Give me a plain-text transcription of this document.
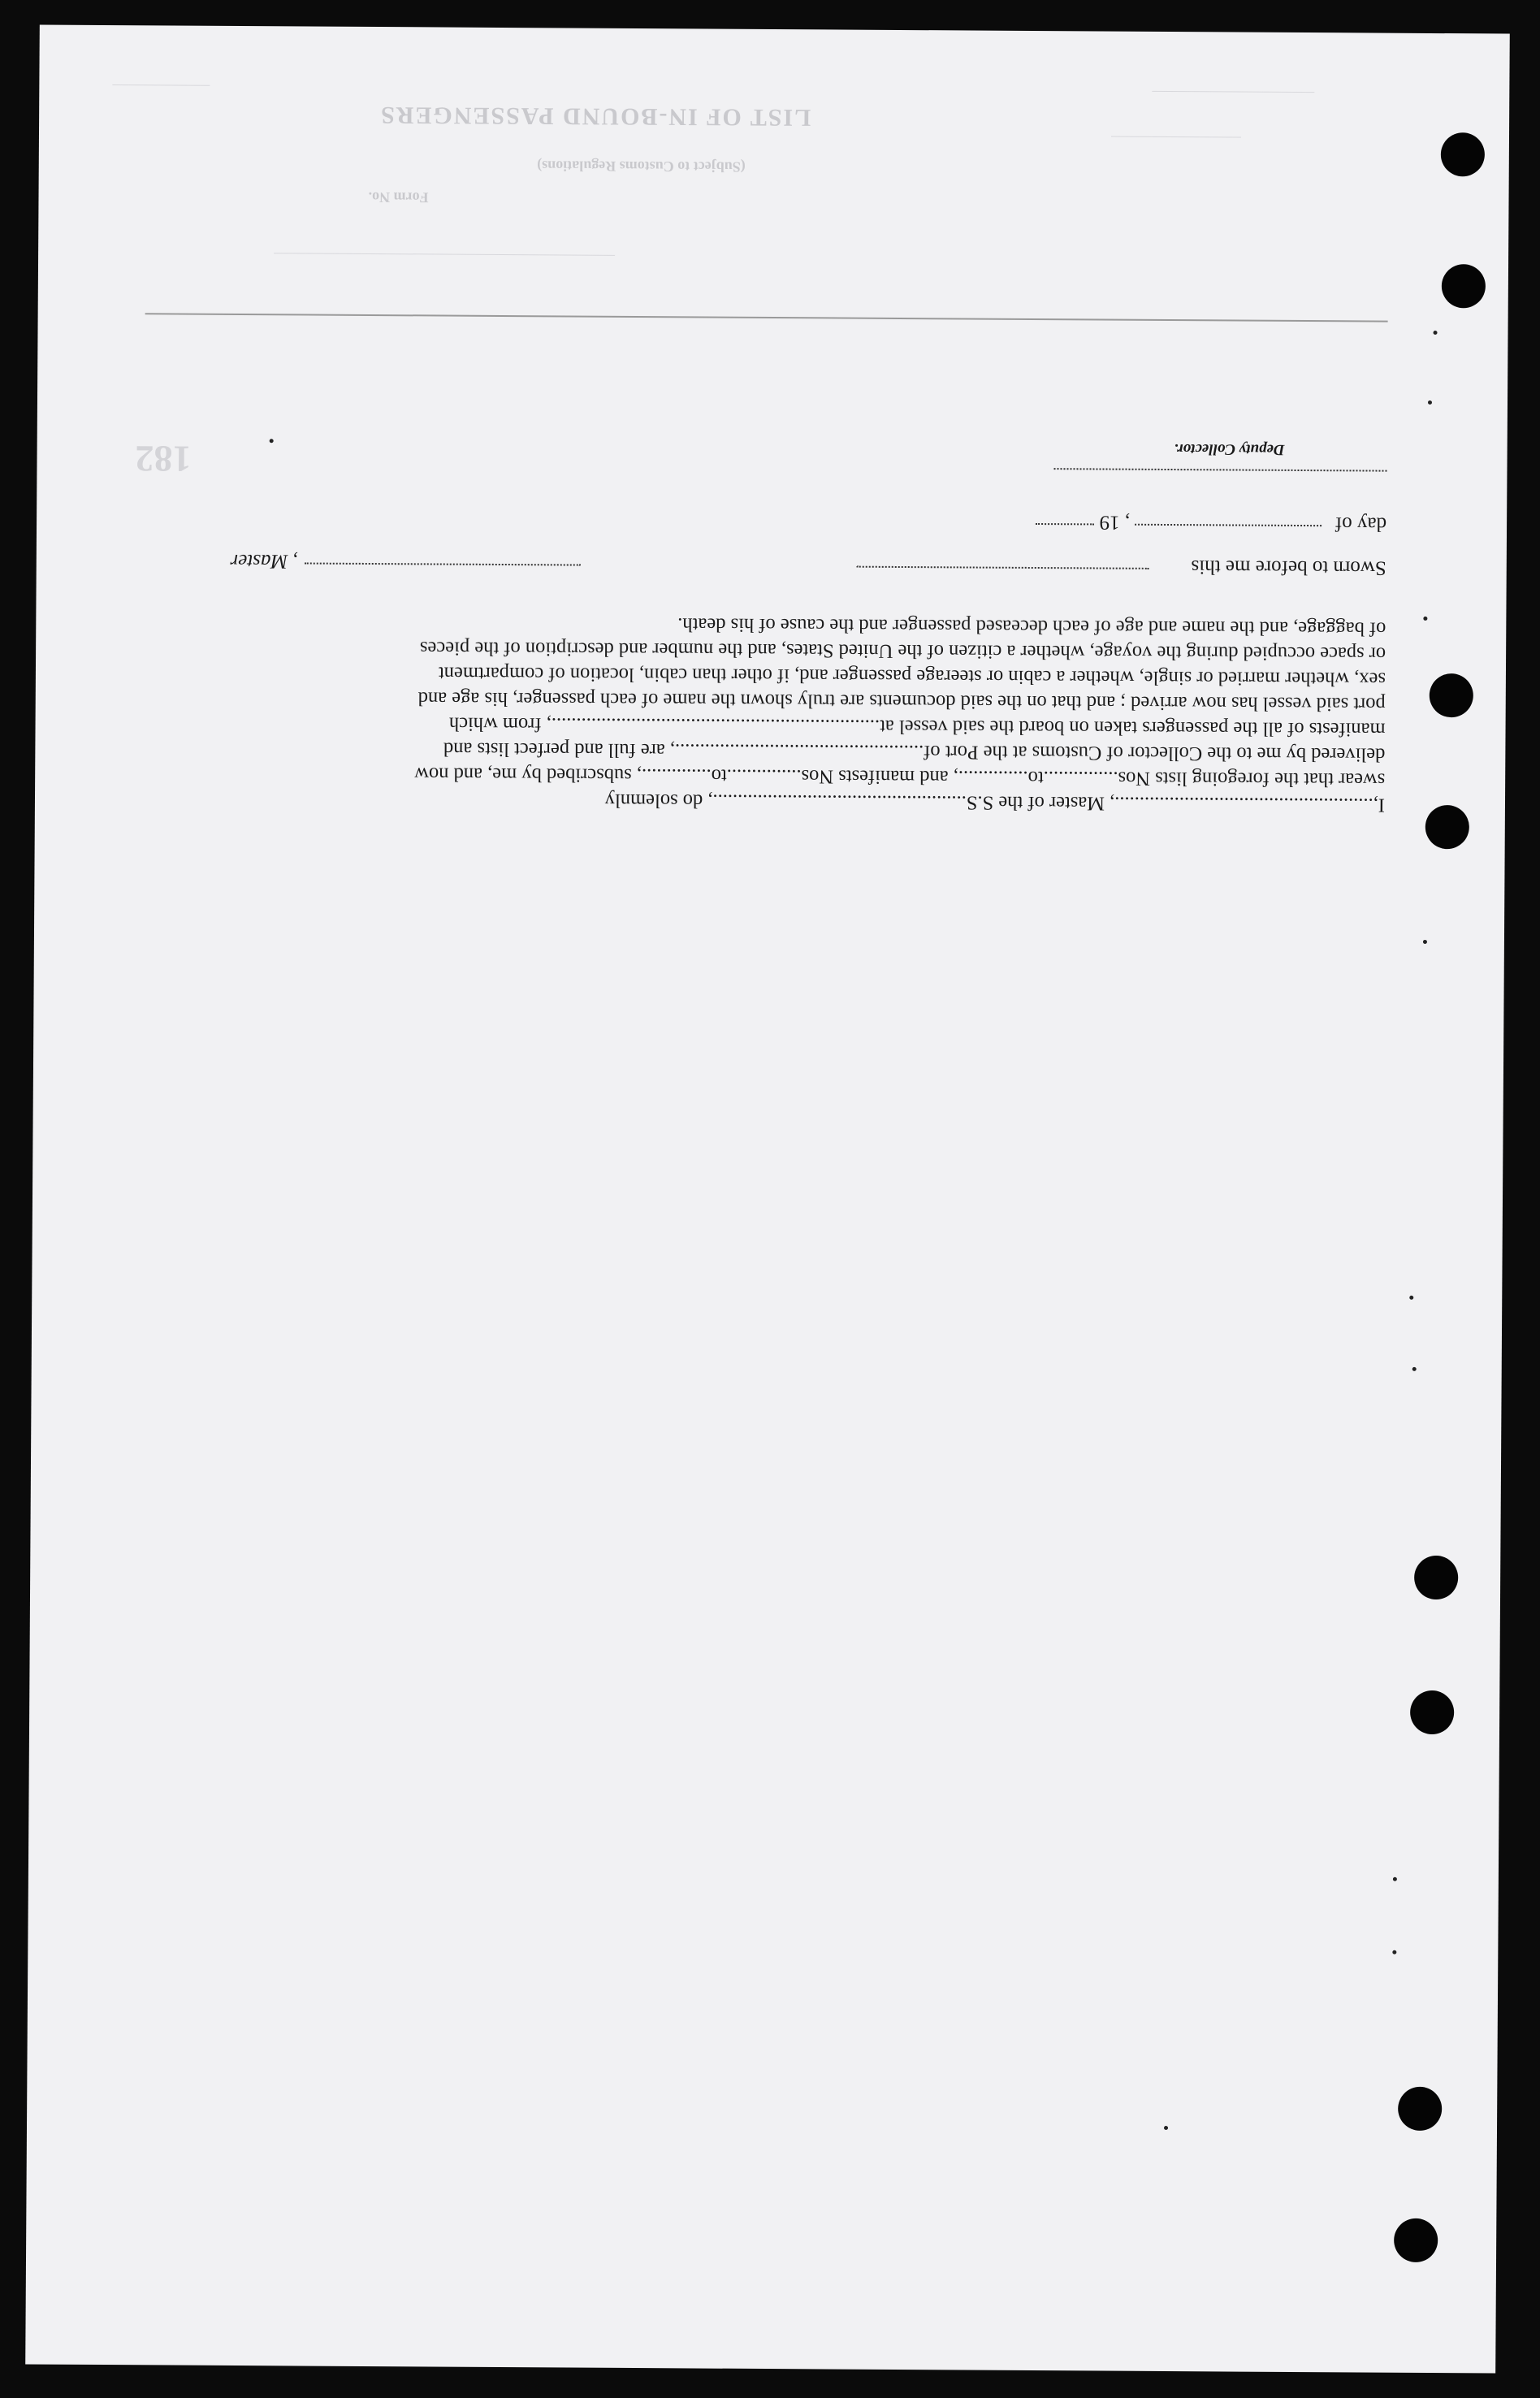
LIST OF IN-BOUND PASSENGERS
(Subject to Customs Regulations)
Form No.
182
I,...................................................., Master of the S.S..................................................., do solemnly
swear that the foregoing lists Nos...............to.............., and manifests Nos...............to.............., subscribed by me, and now
delivered by me to the Collector of Customs at the Port of.................................................., are full and perfect lists and
manifests of all the passengers taken on board the said vessel at.................................................................., from which
port said vessel has now arrived ; and that on the said documents are truly shown the name of each passenger, his age and
sex, whether married or single, whether a cabin or steerage passenger and, if other than cabin, location of compartment
or space occupied during the voyage, whether a citizen of the United States, and the number and description of the pieces
of baggage, and the name and age of each deceased passenger and the cause of his death.
Sworn to before me this
, Master
day of
, 19
Deputy Collector.
